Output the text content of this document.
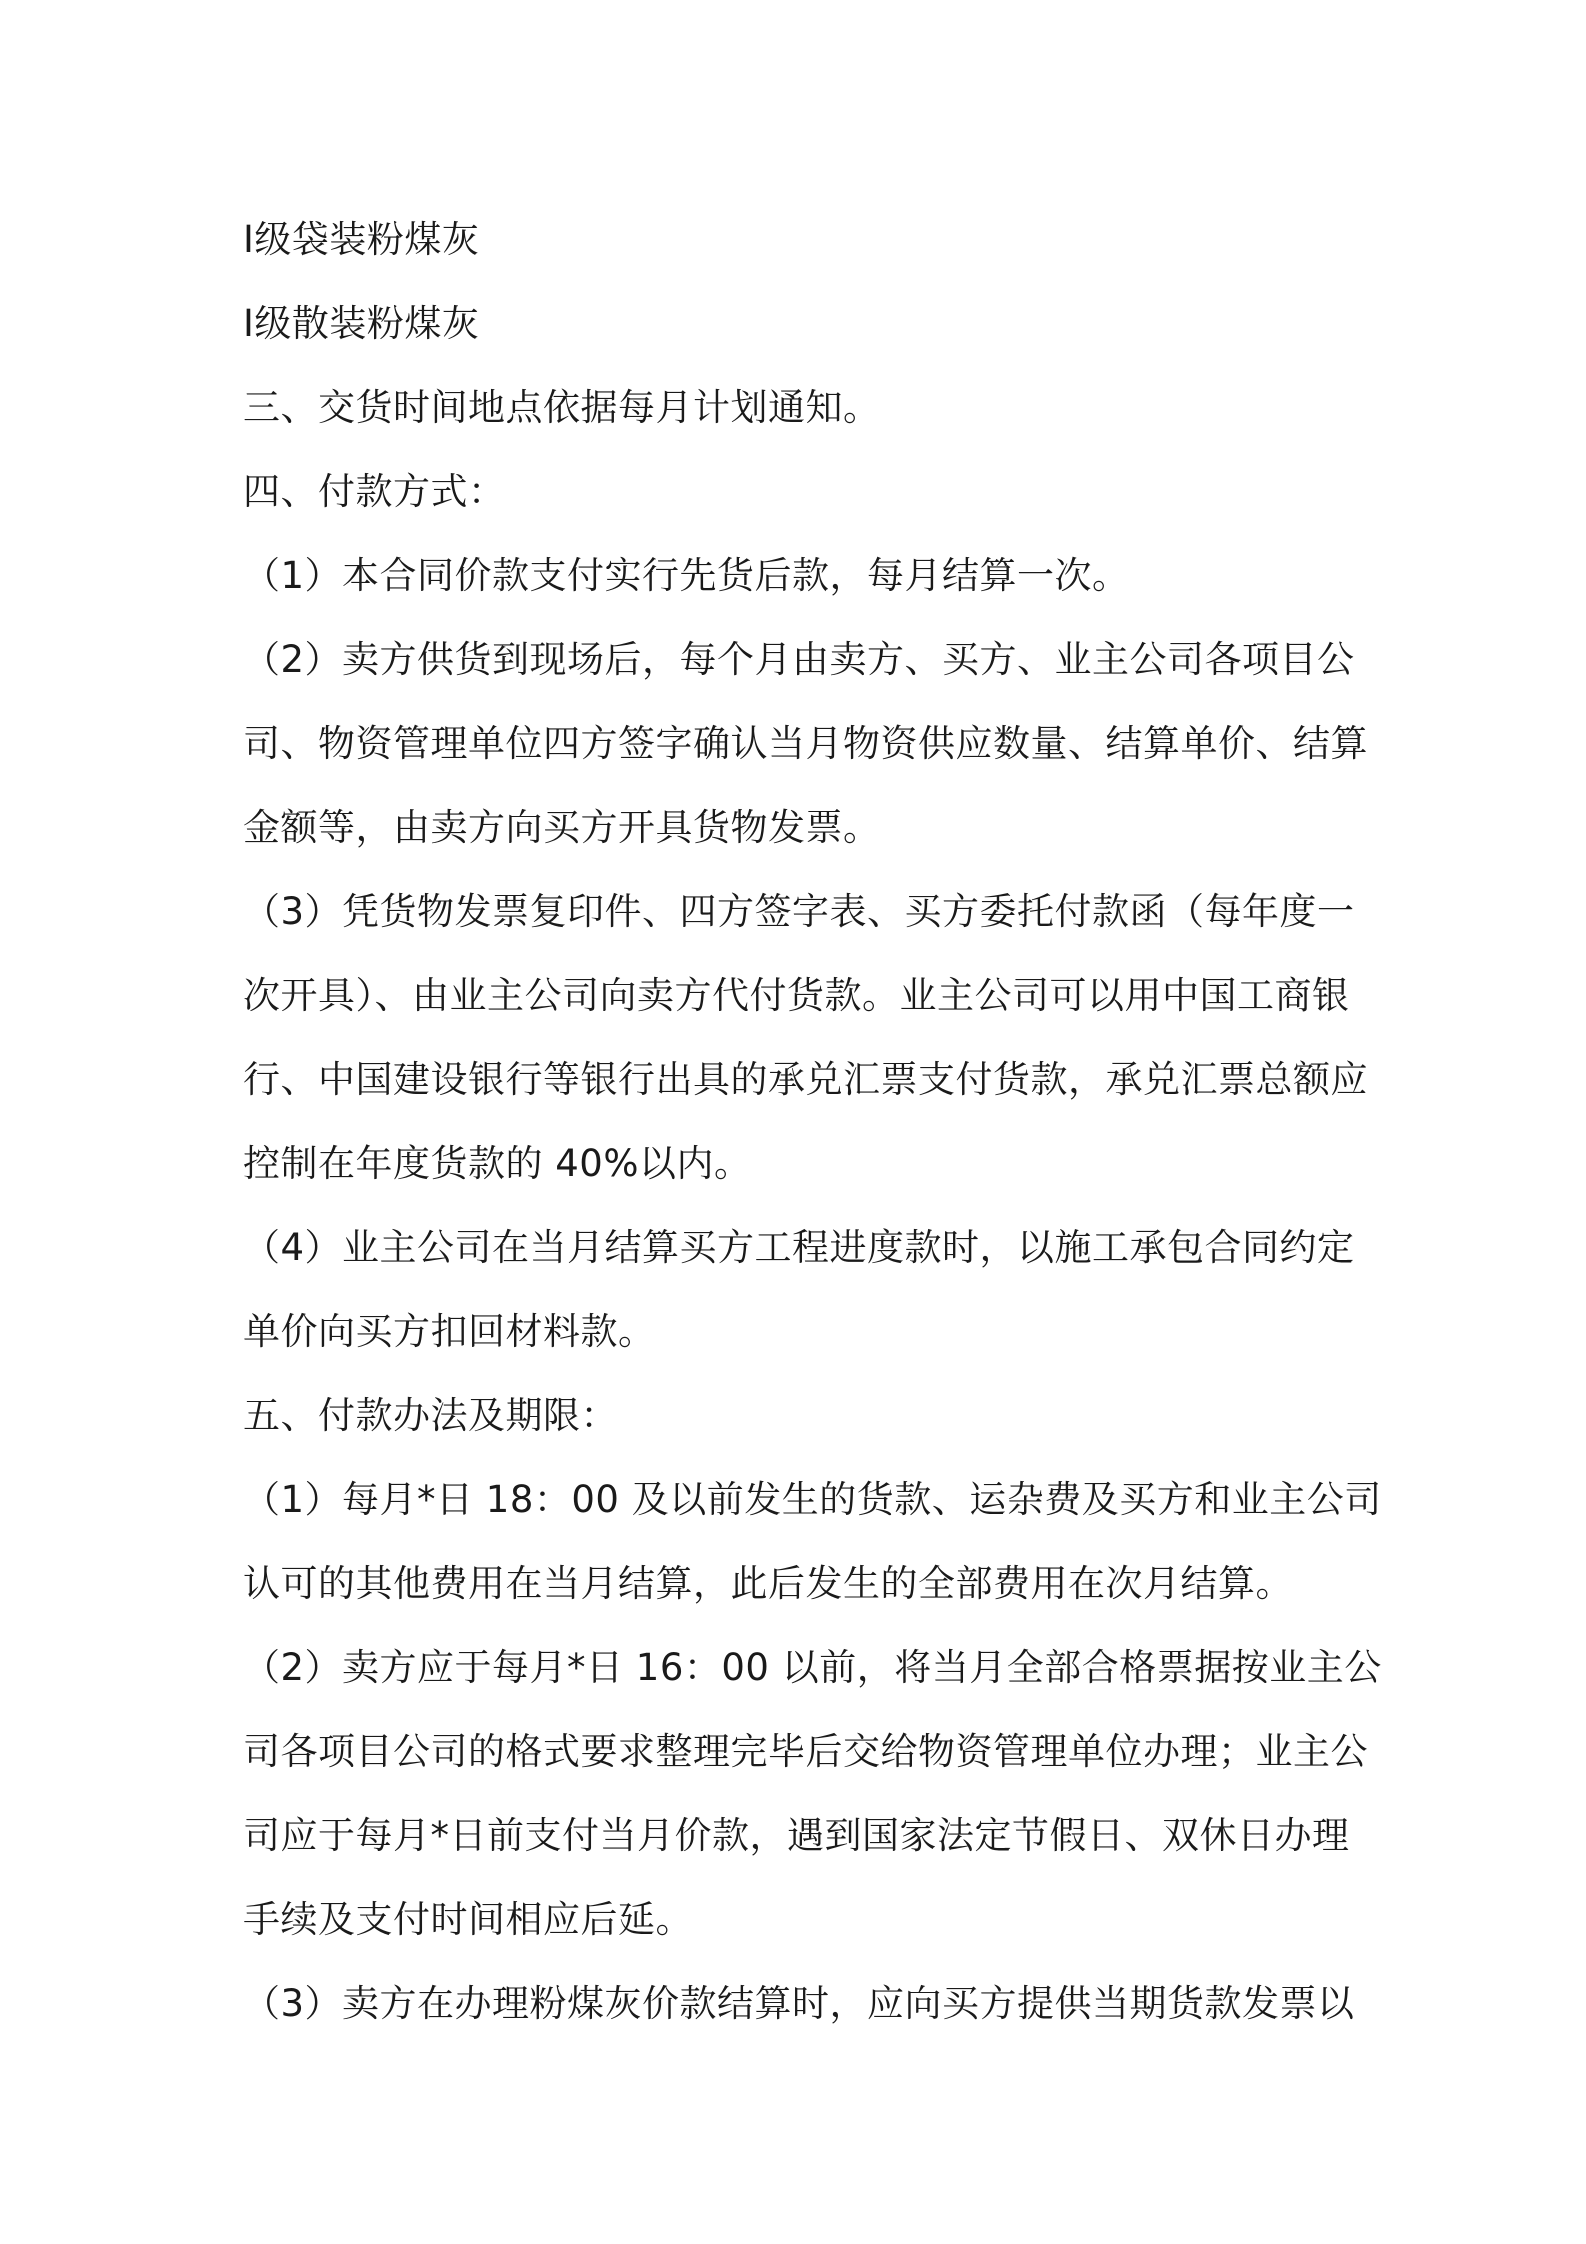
Ⅰ级袋装粉煤灰
Ⅰ级散装粉煤灰
三、交货时间地点依据每月计划通知。
四、付款方式：
（1）本合同价款支付实行先货后款，每月结算一次。
（2）卖方供货到现场后，每个月由卖方、买方、业主公司各项目公
司、物资管理单位四方签字确认当月物资供应数量、结算单价、结算
金额等，由卖方向买方开具货物发票。
（3）凭货物发票复印件、四方签字表、买方委托付款函（每年度一
次开具）、由业主公司向卖方代付货款。业主公司可以用中国工商银
行、中国建设银行等银行出具的承兑汇票支付货款，承兑汇票总额应
控制在年度货款的 40%以内。
（4）业主公司在当月结算买方工程进度款时，以施工承包合同约定
单价向买方扣回材料款。
五、付款办法及期限：
（1）每月*日 18：00 及以前发生的货款、运杂费及买方和业主公司
认可的其他费用在当月结算，此后发生的全部费用在次月结算。
（2）卖方应于每月*日 16：00 以前，将当月全部合格票据按业主公
司各项目公司的格式要求整理完毕后交给物资管理单位办理；业主公
司应于每月*日前支付当月价款，遇到国家法定节假日、双休日办理
手续及支付时间相应后延。
（3）卖方在办理粉煤灰价款结算时，应向买方提供当期货款发票以
